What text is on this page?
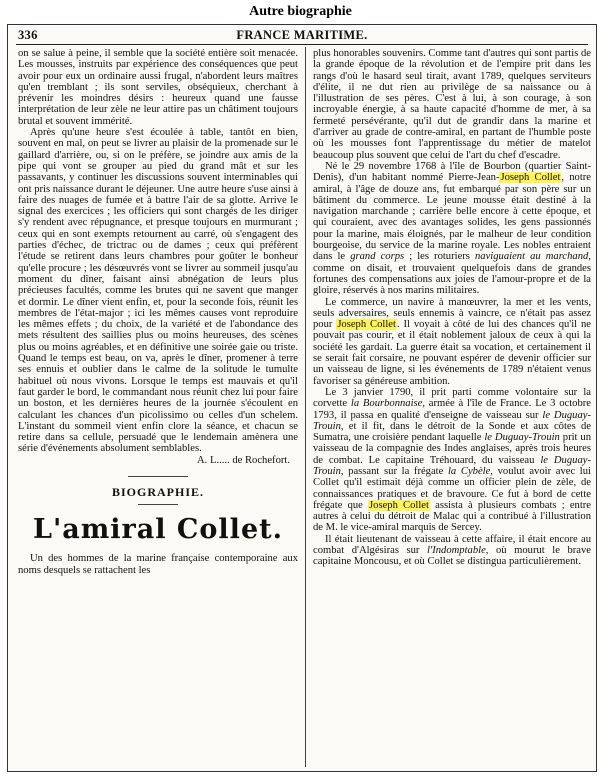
Autre biographie
336	FRANCE MARITIME.

on se salue à peine, il semble que la société entière soit menacée. Les mousses, instruits par expérience des conséquences que peut avoir pour eux un ordinaire aussi frugal, n'abordent leurs maîtres qu'en tremblant ; ils sont serviles, obséquieux, cherchant à prévenir les moindres désirs : heureux quand une fausse interprétation de leur zèle ne leur attire pas un châtiment toujours brutal et souvent immérité.

Après qu'une heure s'est écoulée à table, tantôt en bien, souvent en mal, on peut se livrer au plaisir de la promenade sur le gaillard d'arrière, ou, si on le préfère, se joindre aux amis de la pipe qui vont se grouper au pied du grand mât et sur les passavants, y continuer les discussions souvent interminables qui ont pris naissance durant le déjeuner. Une autre heure s'use ainsi à faire des nuages de fumée et à battre l'air de sa glotte. Arrive le signal des exercices ; les officiers qui sont chargés de les diriger s'y rendent avec répugnance, et presque toujours en murmurant ; ceux qui en sont exempts retournent au carré, où s'engagent des parties d'échec, de trictrac ou de dames ; ceux qui préfèrent l'étude se retirent dans leurs chambres pour goûter le bonheur qu'elle procure ; les désœuvrés vont se livrer au sommeil jusqu'au moment du dîner, faisant ainsi abnégation de leurs plus précieuses facultés, comme les brutes qui ne savent que manger et dormir. Le dîner vient enfin, et, pour la seconde fois, réunit les membres de l'état-major ; ici les mêmes causes vont reproduire les mêmes effets ; du choix, de la variété et de l'abondance des mets résultent des saillies plus ou moins heureuses, des scènes plus ou moins agréables, et en définitive une soirée gaie ou triste. Quand le temps est beau, on va, après le dîner, promener à terre ses ennuis et oublier dans le calme de la solitude le tumulte habituel où nous vivons. Lorsque le temps est mauvais et qu'il faut garder le bord, le commandant nous réunit chez lui pour faire un boston, et les dernières heures de la journée s'écoulent en calculant les chances d'un picolissimo ou celles d'un schelem. L'instant du sommeil vient enfin clore la séance, et chacun se retire dans sa cellule, persuadé que le lendemain amènera une série d'événements absolument semblables.

A. L..... de Rochefort.

BIOGRAPHIE.
L'amiral Collet.

Un des hommes de la marine française contemporaine aux noms desquels se rattachent les

plus honorables souvenirs. Comme tant d'autres qui sont partis de la grande époque de la révolution et de l'empire prit dans les rangs d'où le hasard seul tirait, avant 1789, quelques serviteurs d'élite, il ne dut rien au privilège de sa naissance ou à l'illustration de ses pères. C'est à lui, à son courage, à son incroyable énergie, à sa haute capacité d'homme de mer, à sa fermeté persévérante, qu'il dut de grandir dans la marine et d'arriver au grade de contre-amiral, en partant de l'humble poste où les mousses font l'apprentissage du métier de matelot beaucoup plus souvent que celui de l'art du chef d'escadre.

Né le 29 novembre 1768 à l'île de Bourbon (quartier Saint-Denis), d'un habitant nommé Pierre-Jean-Joseph Collet, notre amiral, à l'âge de douze ans, fut embarqué par son père sur un bâtiment du commerce. Le jeune mousse était destiné à la navigation marchande ; carrière belle encore à cette époque, et qui couraient, avec des avantages solides, les gens passionnés pour la marine, mais éloignés, par le malheur de leur condition bourgeoise, du service de la marine royale. Les nobles entraient dans le grand corps ; les roturiers naviguaient au marchand, comme on disait, et trouvaient quelquefois dans de grandes fortunes des compensations aux joies de l'amour-propre et de la gloire, réservés à nos marins militaires.

Le commerce, un navire à manœuvrer, la mer et les vents, seuls adversaires, seuls ennemis à vaincre, ce n'était pas assez pour Joseph Collet. Il voyait à côté de lui des chances qu'il ne pouvait pas courir, et il était noblement jaloux de ceux à qui la société les gardait. La guerre était sa vocation, et certainement il se serait fait corsaire, ne pouvant espérer de devenir officier sur un vaisseau de ligne, si les événements de 1789 n'étaient venus favoriser sa généreuse ambition.

Le 3 janvier 1790, il prit parti comme volontaire sur la corvette la Bourbonnaise, armée à l'île de France. Le 3 octobre 1793, il passa en qualité d'enseigne de vaisseau sur le Duguay-Trouin, et il fit, dans le détroit de la Sonde et aux côtes de Sumatra, une croisière pendant laquelle le Duguay-Trouin prit un vaisseau de la compagnie des Indes anglaises, après trois heures de combat. Le capitaine Tréhouard, du vaisseau le Duguay-Trouin, passant sur la frégate la Cybèle, voulut avoir avec lui Collet qu'il estimait déjà comme un officier plein de zèle, de connaissances pratiques et de bravoure. Ce fut à bord de cette frégate que Joseph Collet assista à plusieurs combats ; entre autres à celui du détroit de Malac qui a contribué à l'illustration de M. le vice-amiral marquis de Sercey.

Il était lieutenant de vaisseau à cette affaire, il était encore au combat d'Algésiras sur l'Indomptable, où mourut le brave capitaine Moncousu, et où Collet se distingua particulièrement.
